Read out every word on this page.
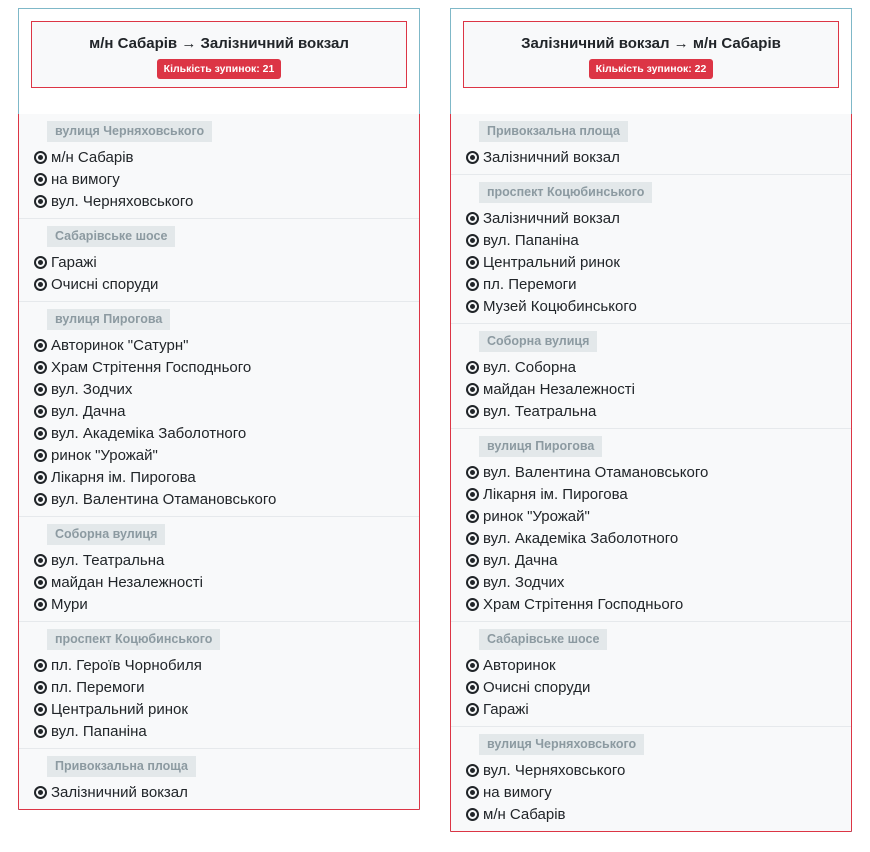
м/н Сабарів → Залізничний вокзал
Кількість зупинок: 21
вулиця Черняховського
м/н Сабарів
на вимогу
вул. Черняховського
Сабарівське шосе
Гаражі
Очисні споруди
вулиця Пирогова
Авторинок "Сатурн"
Храм Стрітення Господнього
вул. Зодчих
вул. Дачна
вул. Академіка Заболотного
ринок "Урожай"
Лікарня ім. Пирогова
вул. Валентина Отамановського
Соборна вулиця
вул. Театральна
майдан Незалежності
Мури
проспект Коцюбинського
пл. Героїв Чорнобиля
пл. Перемоги
Центральний ринок
вул. Папаніна
Привокзальна площа
Залізничний вокзал
Залізничний вокзал → м/н Сабарів
Кількість зупинок: 22
Привокзальна площа
Залізничний вокзал
проспект Коцюбинського
Залізничний вокзал
вул. Папаніна
Центральний ринок
пл. Перемоги
Музей Коцюбинського
Соборна вулиця
вул. Соборна
майдан Незалежності
вул. Театральна
вулиця Пирогова
вул. Валентина Отамановського
Лікарня ім. Пирогова
ринок "Урожай"
вул. Академіка Заболотного
вул. Дачна
вул. Зодчих
Храм Стрітення Господнього
Сабарівське шосе
Авторинок
Очисні споруди
Гаражі
вулиця Черняховського
вул. Черняховського
на вимогу
м/н Сабарів
